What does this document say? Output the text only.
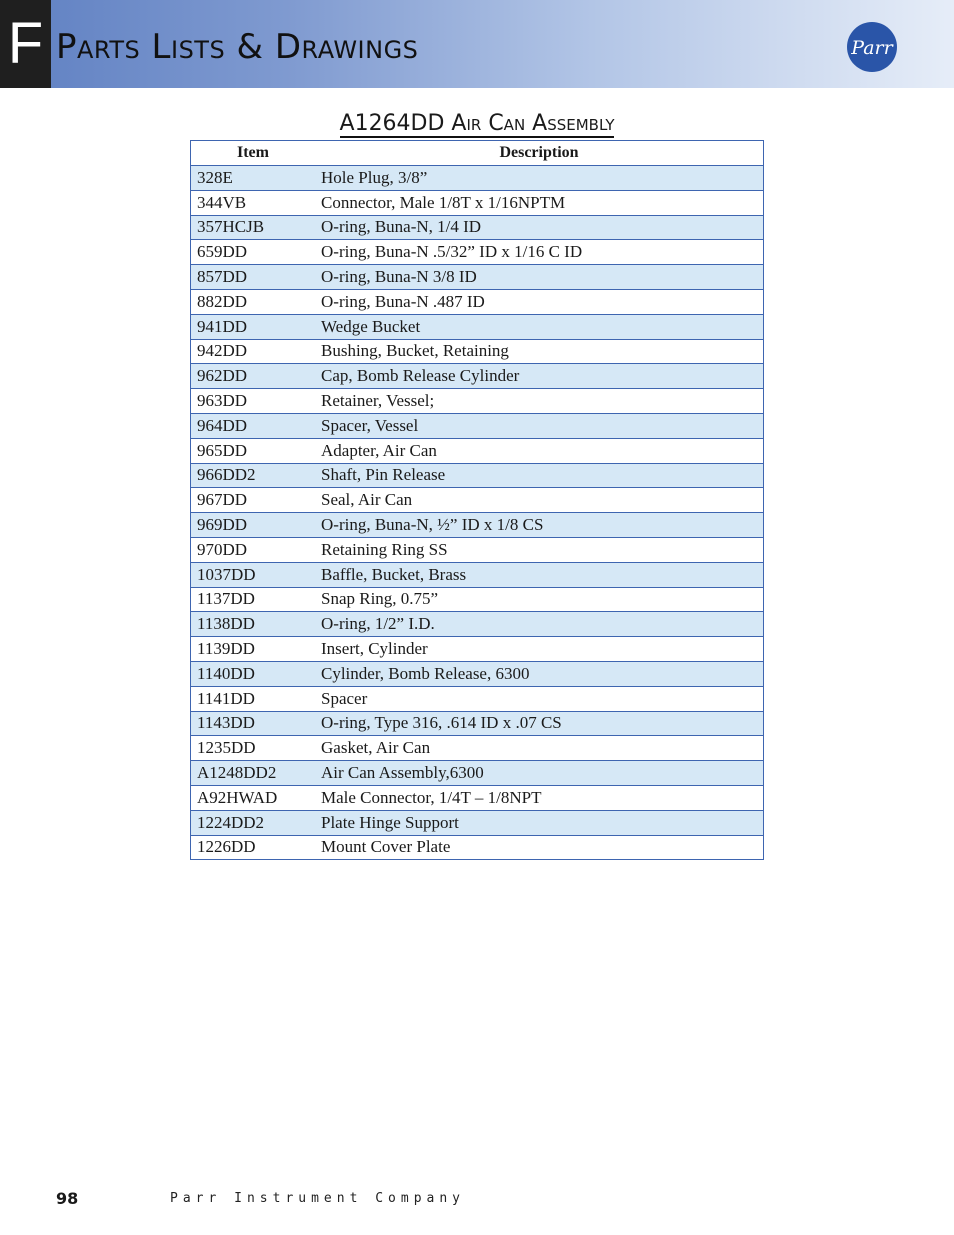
F Parts Lists & Drawings	Parr
A1264DD Air Can Assembly
Item	Description
328E	Hole Plug, 3/8”
344VB	Connector, Male 1/8T x 1/16NPTM
357HCJB	O-ring, Buna-N, 1/4 ID
659DD	O-ring, Buna-N .5/32” ID x 1/16 C ID
857DD	O-ring, Buna-N 3/8 ID
882DD	O-ring, Buna-N .487 ID
941DD	Wedge Bucket
942DD	Bushing, Bucket, Retaining
962DD	Cap, Bomb Release Cylinder
963DD	Retainer, Vessel;
964DD	Spacer, Vessel
965DD	Adapter, Air Can
966DD2	Shaft, Pin Release
967DD	Seal, Air Can
969DD	O-ring, Buna-N, ½” ID x 1/8 CS
970DD	Retaining Ring SS
1037DD	Baffle, Bucket, Brass
1137DD	Snap Ring, 0.75”
1138DD	O-ring, 1/2” I.D.
1139DD	Insert, Cylinder
1140DD	Cylinder, Bomb Release, 6300
1141DD	Spacer
1143DD	O-ring, Type 316, .614 ID x .07 CS
1235DD	Gasket, Air Can
A1248DD2	Air Can Assembly,6300
A92HWAD	Male Connector, 1/4T – 1/8NPT
1224DD2	Plate Hinge Support
1226DD	Mount Cover Plate
98	Parr Instrument Company
